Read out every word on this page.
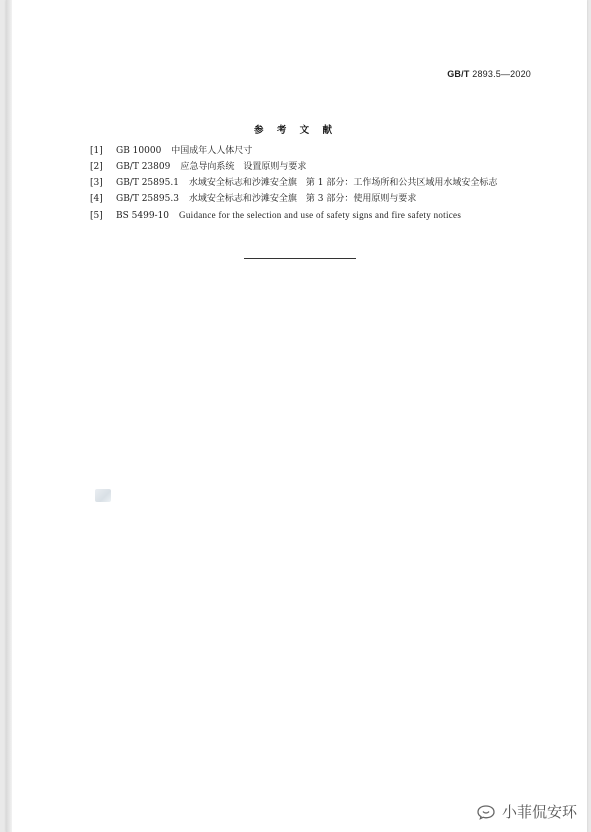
GB/T 2893.5—2020
参 考 文 献
[1] GB 10000 中国成年人人体尺寸
[2] GB/T 23809 应急导向系统　设置原则与要求
[3] GB/T 25895.1 水域安全标志和沙滩安全旗　第 1 部分：工作场所和公共区域用水域安全标志
[4] GB/T 25895.3 水域安全标志和沙滩安全旗　第 3 部分：使用原则与要求
[5] BS 5499-10 Guidance for the selection and use of safety signs and fire safety notices
小菲侃安环
